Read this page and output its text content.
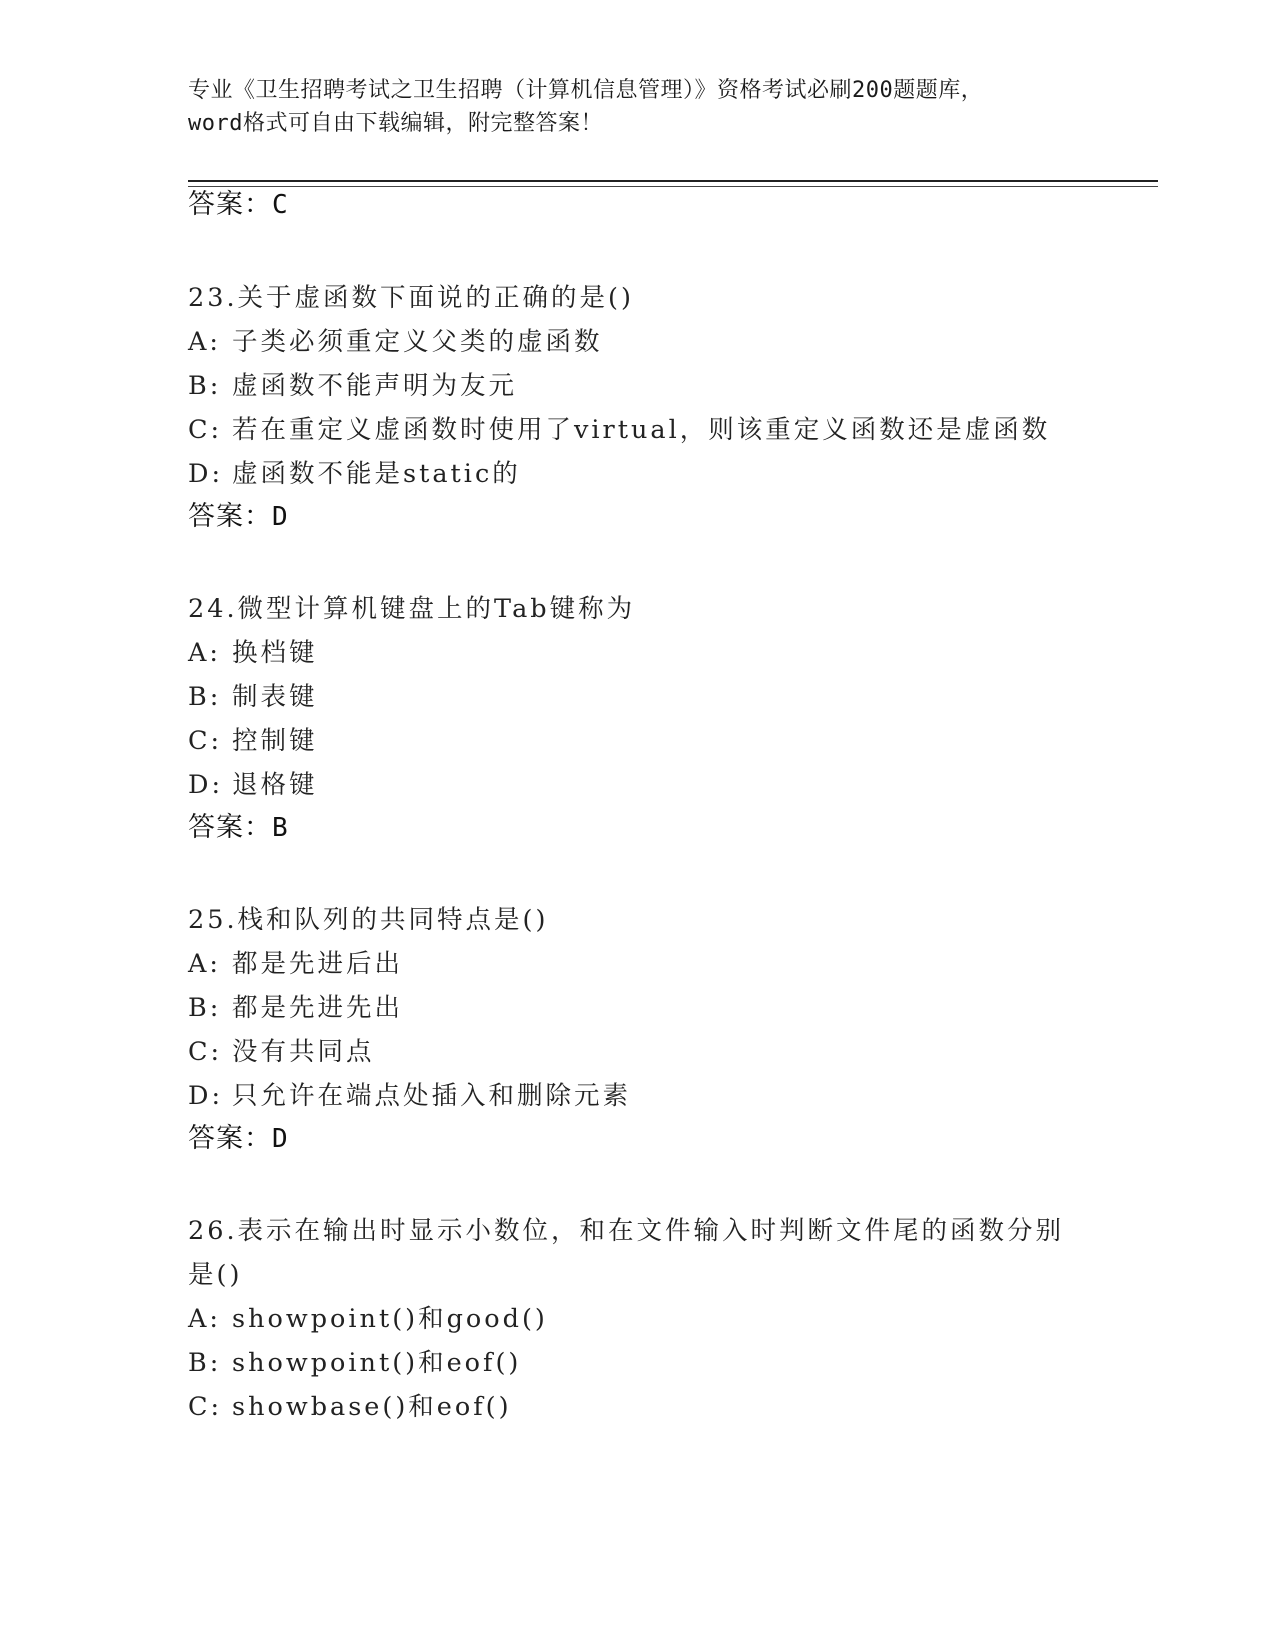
专业《卫生招聘考试之卫生招聘（计算机信息管理）》资格考试必刷200题题库，
word格式可自由下载编辑，附完整答案！
答案：C
23.关于虚函数下面说的正确的是()
A: 子类必须重定义父类的虚函数
B: 虚函数不能声明为友元
C: 若在重定义虚函数时使用了virtual，则该重定义函数还是虚函数
D: 虚函数不能是static的
答案：D
24.微型计算机键盘上的Tab键称为
A: 换档键
B: 制表键
C: 控制键
D: 退格键
答案：B
25.栈和队列的共同特点是()
A: 都是先进后出
B: 都是先进先出
C: 没有共同点
D: 只允许在端点处插入和删除元素
答案：D
26.表示在输出时显示小数位，和在文件输入时判断文件尾的函数分别
是()
A: showpoint()和good()
B: showpoint()和eof()
C: showbase()和eof()
